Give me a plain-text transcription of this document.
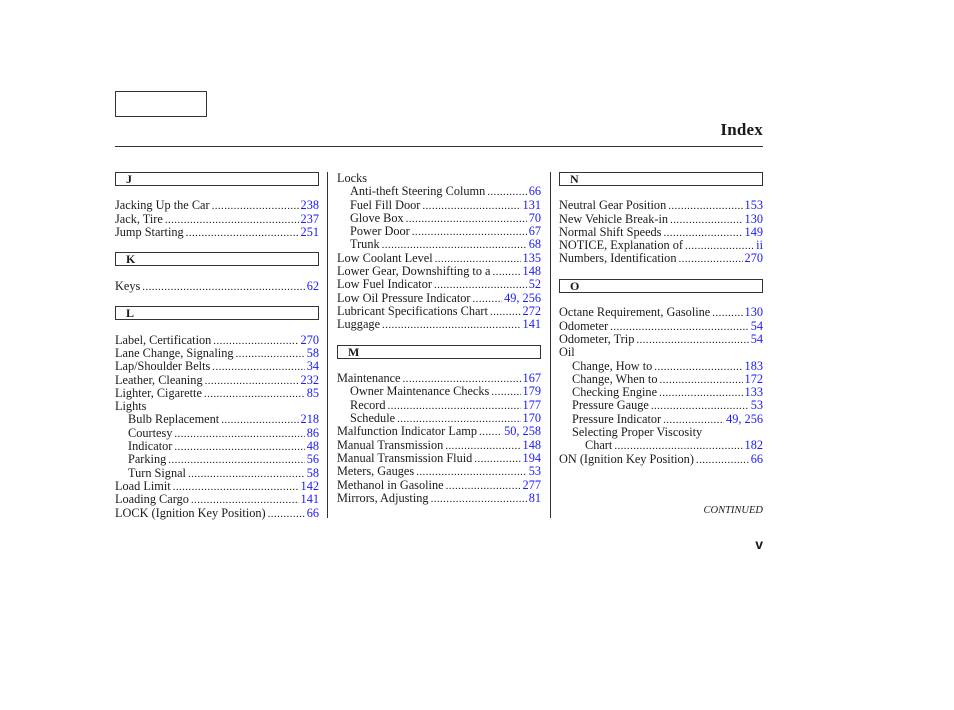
Index
J
Jacking Up the Car .....	238
Jack, Tire .....	237
Jump Starting .....	251
K
Keys .....	62
L
Label, Certification .....	270
Lane Change, Signaling .....	58
Lap/Shoulder Belts .....	34
Leather, Cleaning .....	232
Lighter, Cigarette .....	85
Lights
Bulb Replacement .....	218
Courtesy .....	86
Indicator .....	48
Parking .....	56
Turn Signal .....	58
Load Limit .....	142
Loading Cargo .....	141
LOCK (Ignition Key Position) .....	66
Locks
Anti-theft Steering Column .....	66
Fuel Fill Door .....	131
Glove Box .....	70
Power Door .....	67
Trunk .....	68
Low Coolant Level .....	135
Lower Gear, Downshifting to a .....	148
Low Fuel Indicator .....	52
Low Oil Pressure Indicator .....	49, 256
Lubricant Specifications Chart .....	272
Luggage .....	141
M
Maintenance .....	167
Owner Maintenance Checks .....	179
Record .....	177
Schedule .....	170
Malfunction Indicator Lamp ..... 50, 258
Manual Transmission .....	148
Manual Transmission Fluid .....	194
Meters, Gauges .....	53
Methanol in Gasoline .....	277
Mirrors, Adjusting .....	81
N
Neutral Gear Position .....	153
New Vehicle Break-in .....	130
Normal Shift Speeds .....	149
NOTICE, Explanation of .....	ii
Numbers, Identification .....	270
O
Octane Requirement, Gasoline .....	130
Odometer .....	54
Odometer, Trip .....	54
Oil
Change, How to .....	183
Change, When to .....	172
Checking Engine .....	133
Pressure Gauge .....	53
Pressure Indicator .....	49, 256
Selecting Proper Viscosity
Chart .....	182
ON (Ignition Key Position) .....	66
CONTINUED
v
